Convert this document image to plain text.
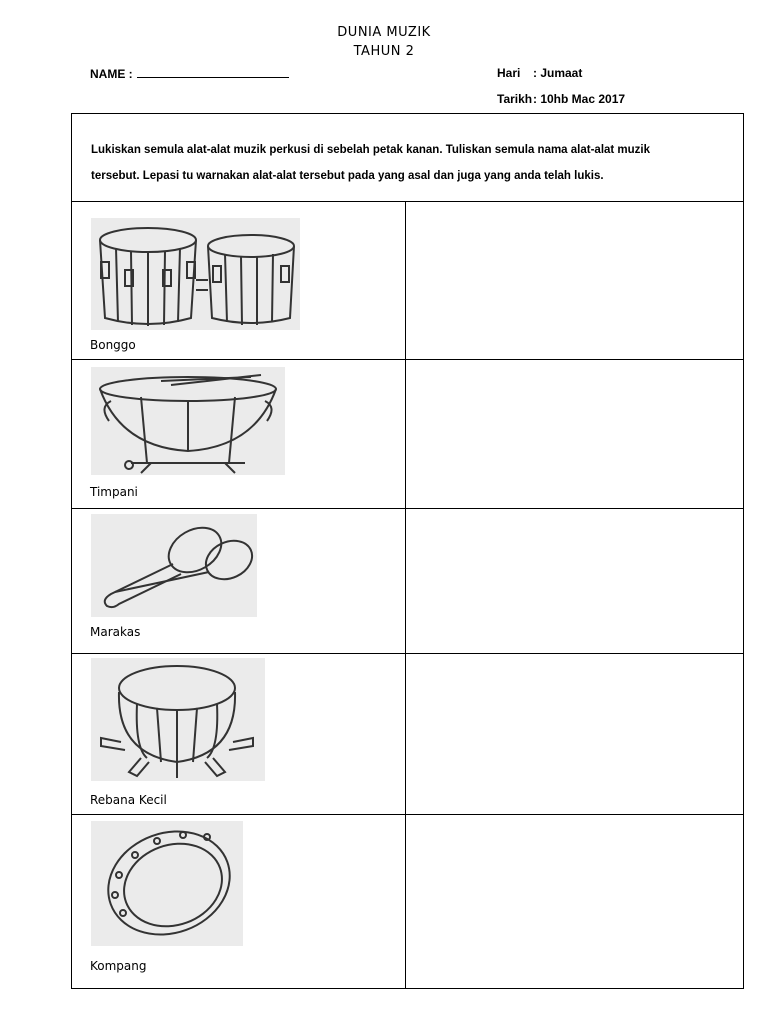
DUNIA MUZIK
TAHUN 2
NAME :	Hari : Jumaat
Tarikh: 10hb Mac 2017

Lukiskan semula alat-alat muzik perkusi di sebelah petak kanan. Tuliskan semula nama alat-alat muzik

tersebut. Lepasi tu warnakan alat-alat tersebut pada yang asal dan juga yang anda telah lukis.

Bonggo
Timpani
Marakas
Rebana Kecil
Kompang
